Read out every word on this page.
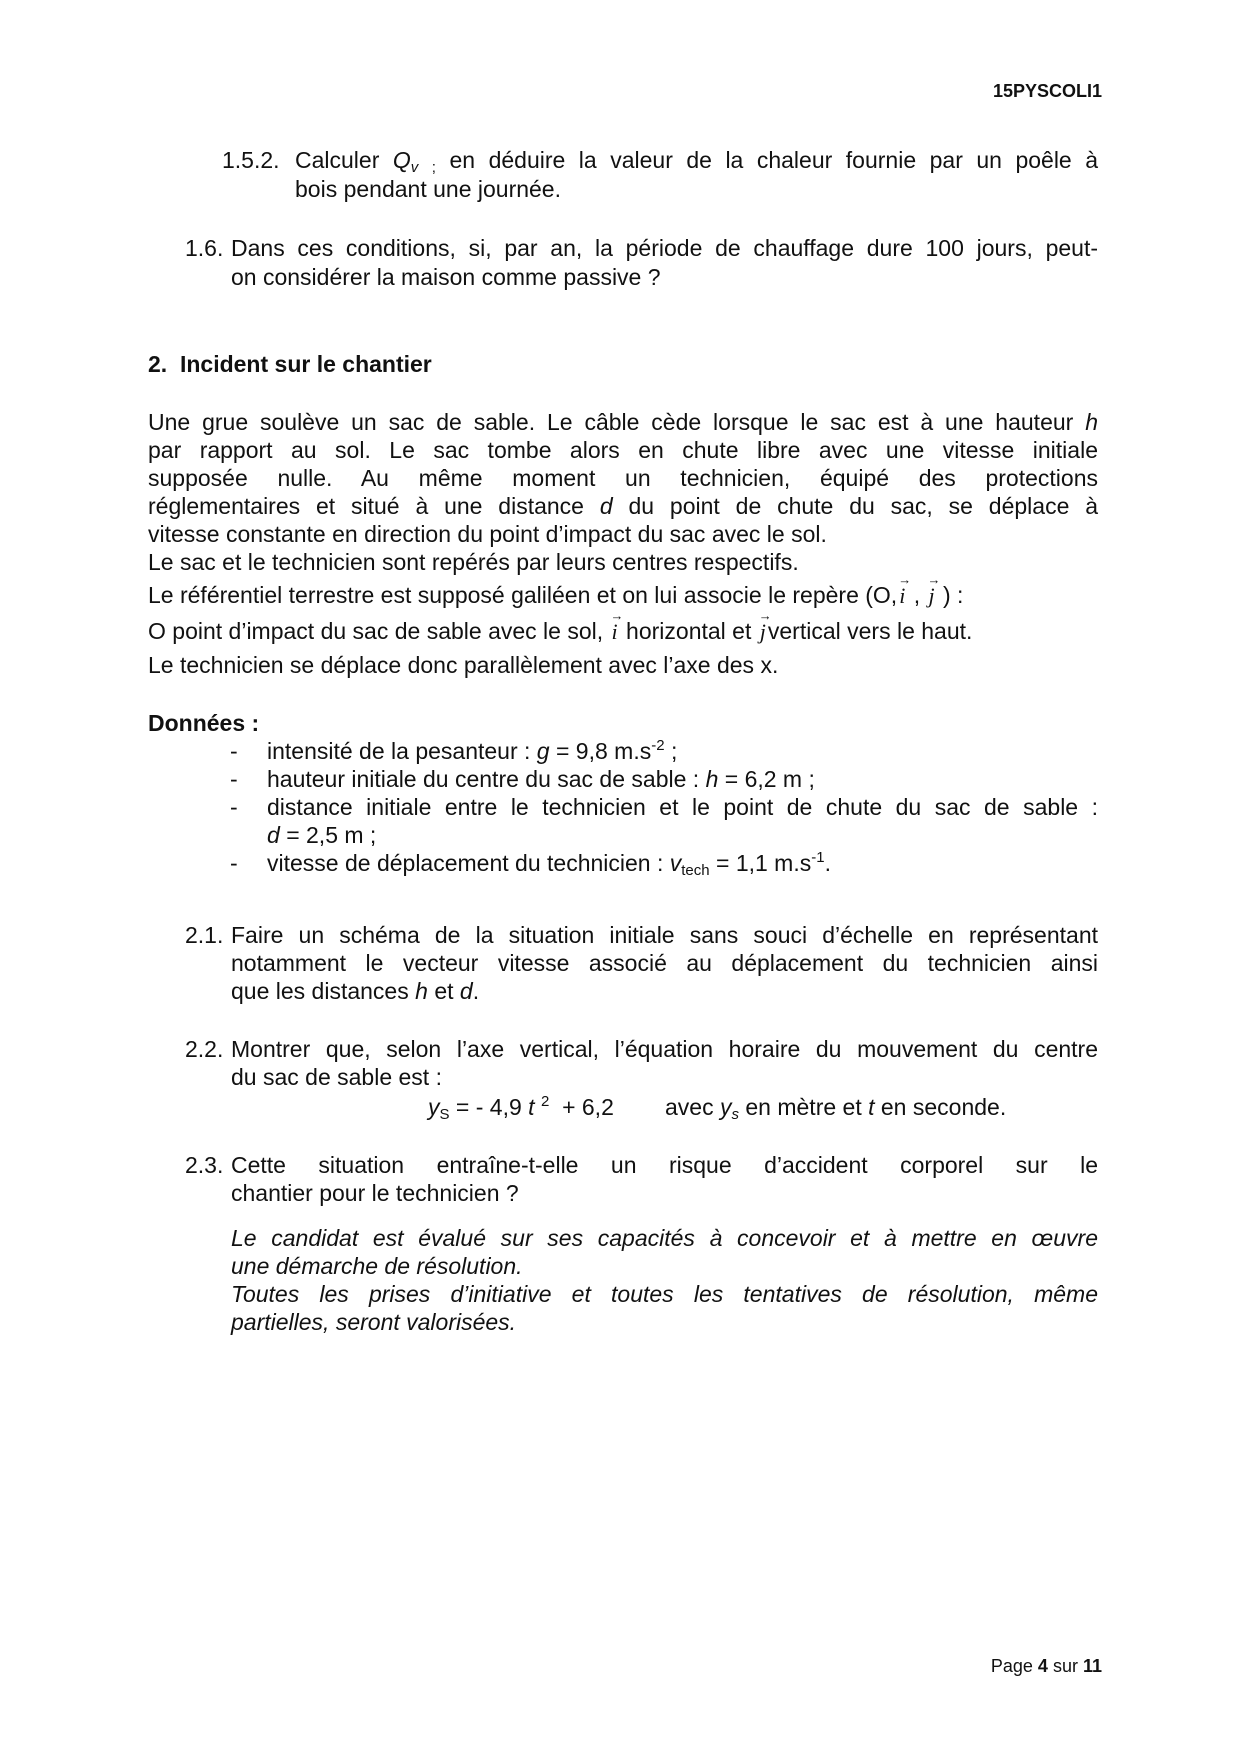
15PYSCOLI1
1.5.2. Calculer $Q_v$ $_;$ en déduire la valeur de la chaleur fournie par un poêle à
bois pendant une journée.
1.6. Dans ces conditions, si, par an, la période de chauffage dure 100 jours, peut-
on considérer la maison comme passive ?
2. Incident sur le chantier
Une grue soulève un sac de sable. Le câble cède lorsque le sac est à une hauteur h
par rapport au sol. Le sac tombe alors en chute libre avec une vitesse initiale
supposée nulle. Au même moment un technicien, équipé des protections
réglementaires et situé à une distance d du point de chute du sac, se déplace à
vitesse constante en direction du point d’impact du sac avec le sol.
Le sac et le technicien sont repérés par leurs centres respectifs.
Le référentiel terrestre est supposé galiléen et on lui associe le repère (O,→ i , → j ) :
O point d’impact du sac de sable avec le sol, → i horizontal et → jvertical vers le haut.
Le technicien se déplace donc parallèlement avec l’axe des x.
Données :
- intensité de la pesanteur : g = 9,8 $m.s^{-2}$ ;
- hauteur initiale du centre du sac de sable : h = 6,2 m ;
- distance initiale entre le technicien et le point de chute du sac de sable :
d = 2,5 m ;
- vitesse de déplacement du technicien : $v_{tech} = 1,1$ $m.s^{-1}$.
2.1. Faire un schéma de la situation initiale sans souci d’échelle en représentant
notamment le vecteur vitesse associé au déplacement du technicien ainsi
que les distances h et d.
2.2. Montrer que, selon l’axe vertical, l’équation horaire du mouvement du centre
du sac de sable est :
$y_S$ = - 4,9 t $^2$ + 6,2 avec $y_s$ en mètre et t en seconde.
2.3. Cette situation entraîne-t-elle un risque d’accident corporel sur le
chantier pour le technicien ?
Le candidat est évalué sur ses capacités à concevoir et à mettre en œuvre
une démarche de résolution.
Toutes les prises d’initiative et toutes les tentatives de résolution, même
partielles, seront valorisées.
Page 4 sur 11
